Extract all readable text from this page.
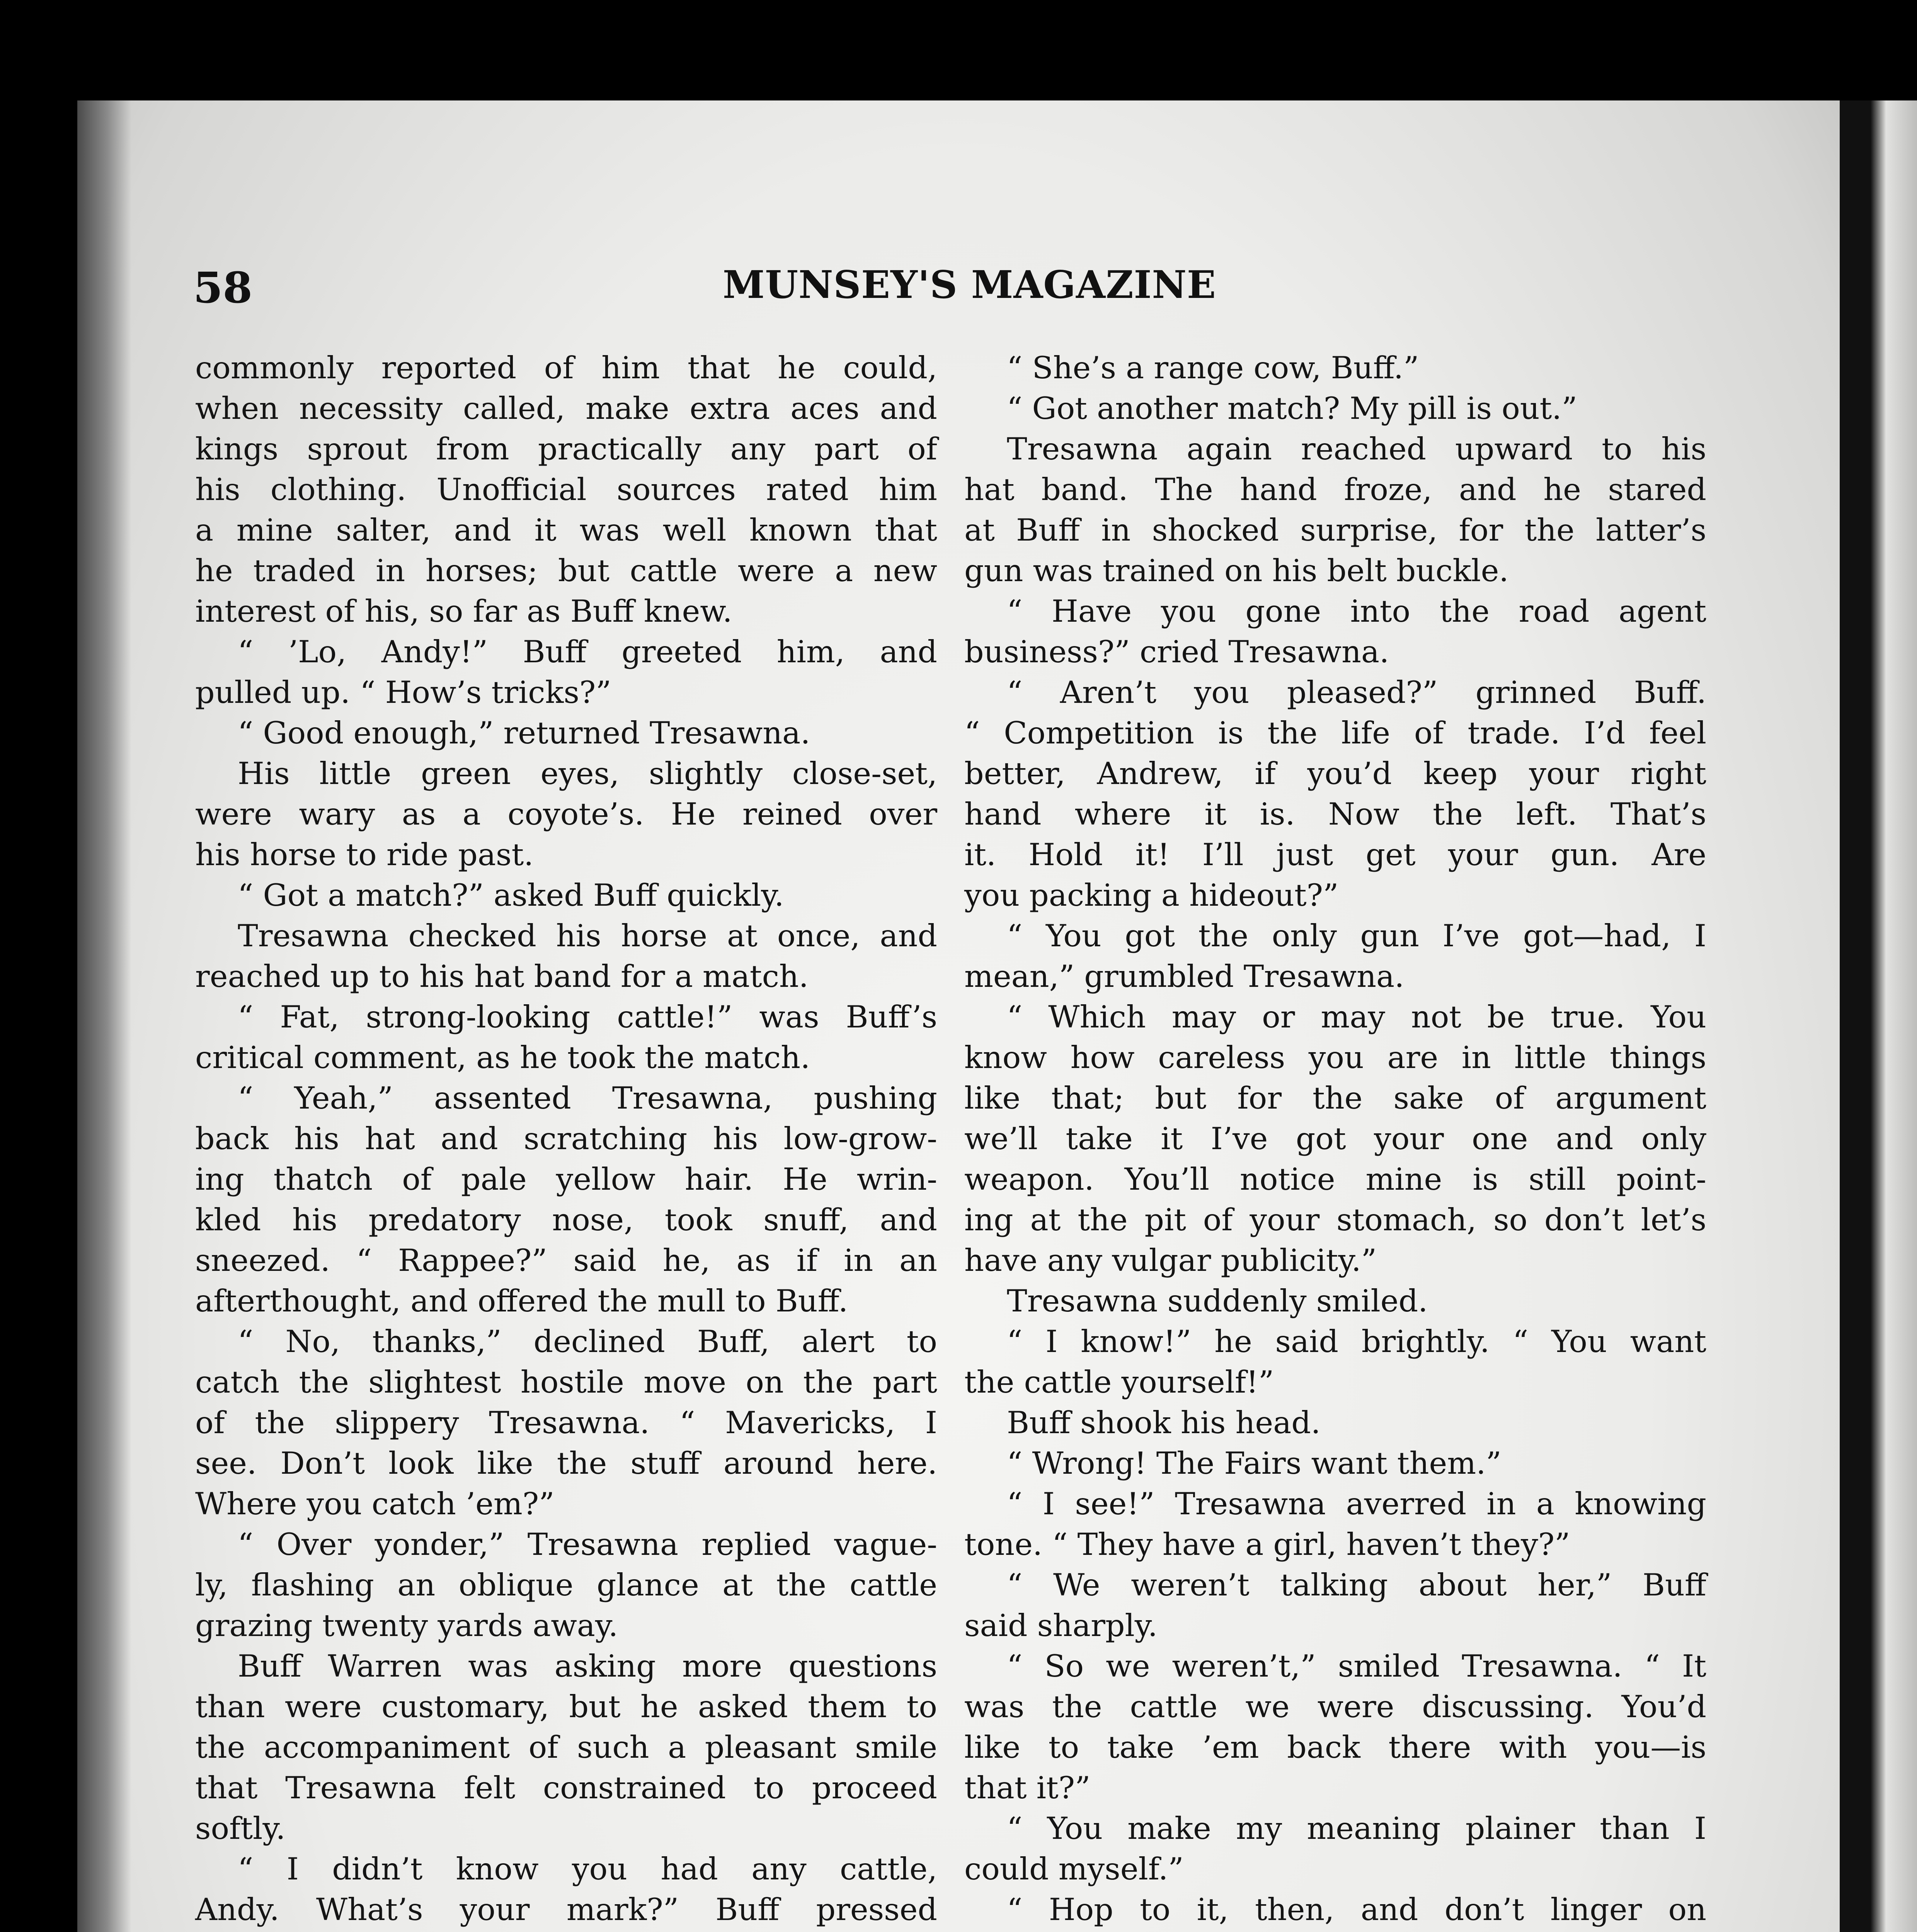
58	MUNSEY'S MAGAZINE
commonly reported of him that he could,
when necessity called, make extra aces and
kings sprout from practically any part of
his clothing. Unofficial sources rated him
a mine salter, and it was well known that
he traded in horses; but cattle were a new
interest of his, so far as Buff knew.
“ ’Lo, Andy!” Buff greeted him, and
pulled up. “ How’s tricks?”
“ Good enough,” returned Tresawna.
His little green eyes, slightly close-set,
were wary as a coyote’s. He reined over
his horse to ride past.
“ Got a match?” asked Buff quickly.
Tresawna checked his horse at once, and
reached up to his hat band for a match.
“ Fat, strong-looking cattle!” was Buff’s
critical comment, as he took the match.
“ Yeah,” assented Tresawna, pushing
back his hat and scratching his low-grow-
ing thatch of pale yellow hair. He wrin-
kled his predatory nose, took snuff, and
sneezed. “ Rappee?” said he, as if in an
afterthought, and offered the mull to Buff.
“ No, thanks,” declined Buff, alert to
catch the slightest hostile move on the part
of the slippery Tresawna. “ Mavericks, I
see. Don’t look like the stuff around here.
Where you catch ’em?”
“ Over yonder,” Tresawna replied vague-
ly, flashing an oblique glance at the cattle
grazing twenty yards away.
Buff Warren was asking more questions
than were customary, but he asked them to
the accompaniment of such a pleasant smile
that Tresawna felt constrained to proceed
softly.
“ I didn’t know you had any cattle,
Andy. What’s your mark?” Buff pressed
“ She’s a range cow, Buff.”
“ Got another match? My pill is out.”
Tresawna again reached upward to his
hat band. The hand froze, and he stared
at Buff in shocked surprise, for the latter’s
gun was trained on his belt buckle.
“ Have you gone into the road agent
business?” cried Tresawna.
“ Aren’t you pleased?” grinned Buff.
“ Competition is the life of trade. I’d feel
better, Andrew, if you’d keep your right
hand where it is. Now the left. That’s
it. Hold it! I’ll just get your gun. Are
you packing a hideout?”
“ You got the only gun I’ve got—had, I
mean,” grumbled Tresawna.
“ Which may or may not be true. You
know how careless you are in little things
like that; but for the sake of argument
we’ll take it I’ve got your one and only
weapon. You’ll notice mine is still point-
ing at the pit of your stomach, so don’t let’s
have any vulgar publicity.”
Tresawna suddenly smiled.
“ I know!” he said brightly. “ You want
the cattle yourself!”
Buff shook his head.
“ Wrong! The Fairs want them.”
“ I see!” Tresawna averred in a knowing
tone. “ They have a girl, haven’t they?”
“ We weren’t talking about her,” Buff
said sharply.
“ So we weren’t,” smiled Tresawna. “ It
was the cattle we were discussing. You’d
like to take ’em back there with you—is
that it?”
“ You make my meaning plainer than I
could myself.”
“ Hop to it, then, and don’t linger on
